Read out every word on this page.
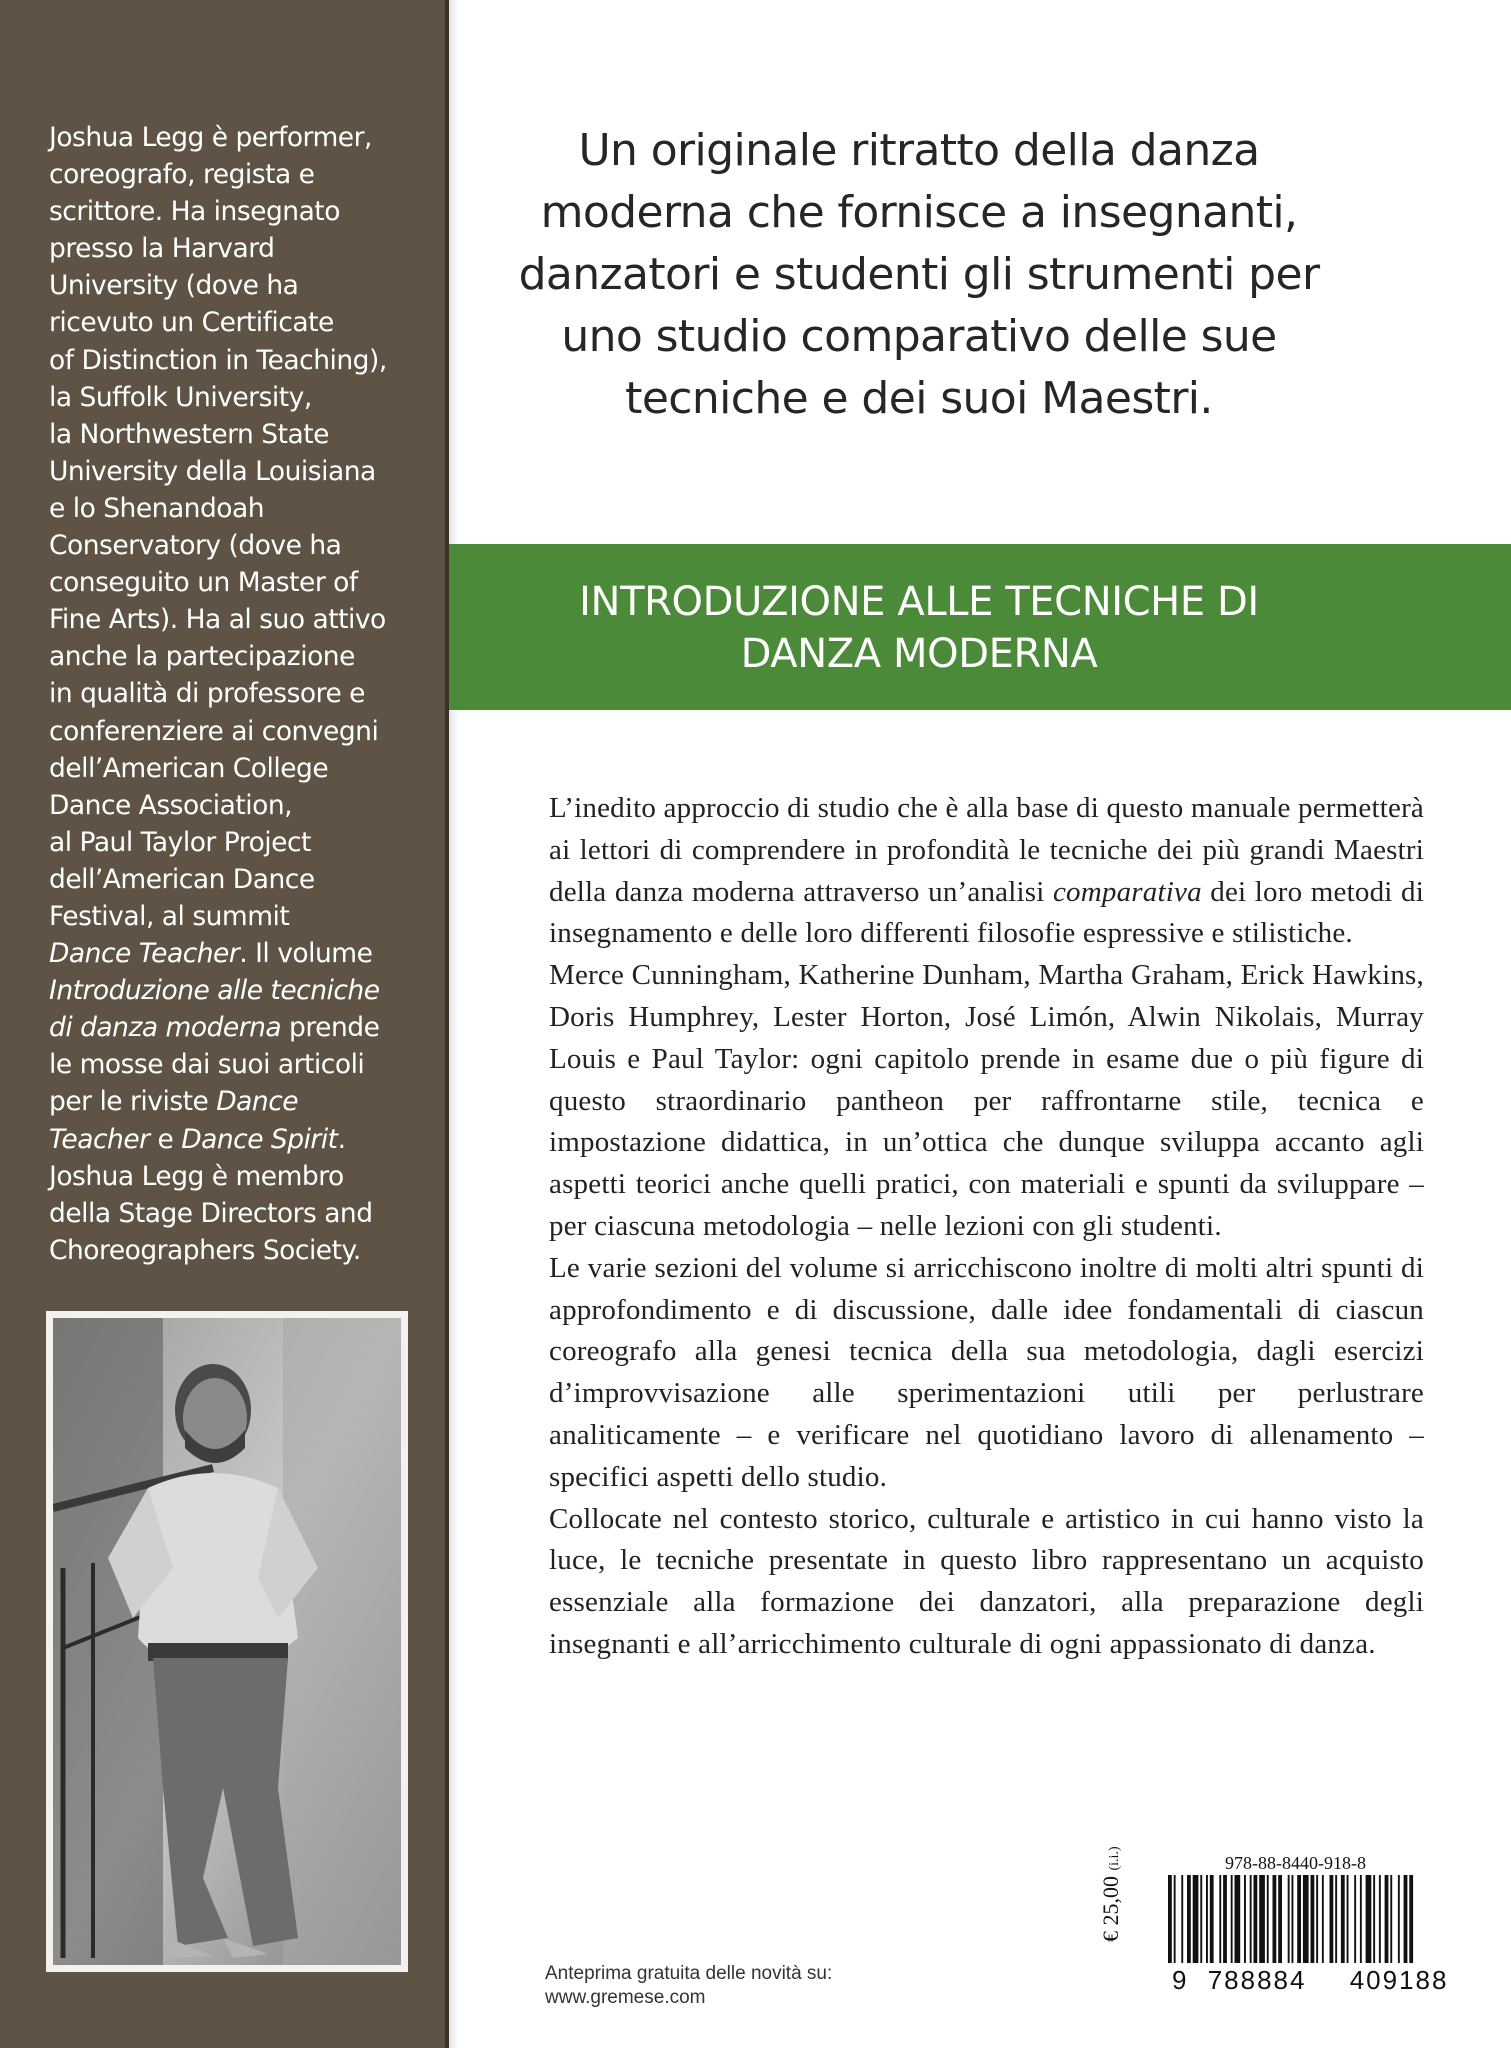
Joshua Legg è performer,
coreografo, regista e
scrittore. Ha insegnato
presso la Harvard
University (dove ha
ricevuto un Certificate
of Distinction in Teaching),
la Suffolk University,
la Northwestern State
University della Louisiana
e lo Shenandoah
Conservatory (dove ha
conseguito un Master of
Fine Arts). Ha al suo attivo
anche la partecipazione
in qualità di professore e
conferenziere ai convegni
dell’American College
Dance Association,
al Paul Taylor Project
dell’American Dance
Festival, al summit
Dance Teacher. Il volume
Introduzione alle tecniche
di danza moderna prende
le mosse dai suoi articoli
per le riviste Dance
Teacher e Dance Spirit.
Joshua Legg è membro
della Stage Directors and
Choreographers Society.
Un originale ritratto della danza
moderna che fornisce a insegnanti,
danzatori e studenti gli strumenti per
uno studio comparativo delle sue
tecniche e dei suoi Maestri.
INTRODUZIONE ALLE TECNICHE DI
DANZA MODERNA

L’inedito approccio di studio che è alla base di questo manuale permetterà ai lettori di comprendere in profondità le tecniche dei più grandi Maestri della danza moderna attraverso un’analisi comparativa dei loro metodi di insegnamento e delle loro differenti filosofie espressive e stilistiche.

Merce Cunningham, Katherine Dunham, Martha Graham, Erick Hawkins, Doris Humphrey, Lester Horton, José Limón, Alwin Nikolais, Murray Louis e Paul Taylor: ogni capitolo prende in esame due o più figure di questo straordinario pantheon per raffrontarne stile, tecnica e impostazione didattica, in un’ottica che dunque sviluppa accanto agli aspetti teorici anche quelli pratici, con materiali e spunti da sviluppare – per ciascuna metodologia – nelle lezioni con gli studenti.

Le varie sezioni del volume si arricchiscono inoltre di molti altri spunti di approfondimento e di discussione, dalle idee fondamentali di ciascun coreografo alla genesi tecnica della sua metodologia, dagli esercizi d’improvvisazione alle sperimentazioni utili per perlustrare analiticamente – e verificare nel quotidiano lavoro di allenamento – specifici aspetti dello studio.

Collocate nel contesto storico, culturale e artistico in cui hanno visto la luce, le tecniche presentate in questo libro rappresentano un acquisto essenziale alla formazione dei danzatori, alla preparazione degli insegnanti e all’arricchimento culturale di ogni appassionato di danza.

978-88-8440-918-8
€ 25,00 (i.i.)
9 788884 409188
Anteprima gratuita delle novità su:
www.gremese.com
